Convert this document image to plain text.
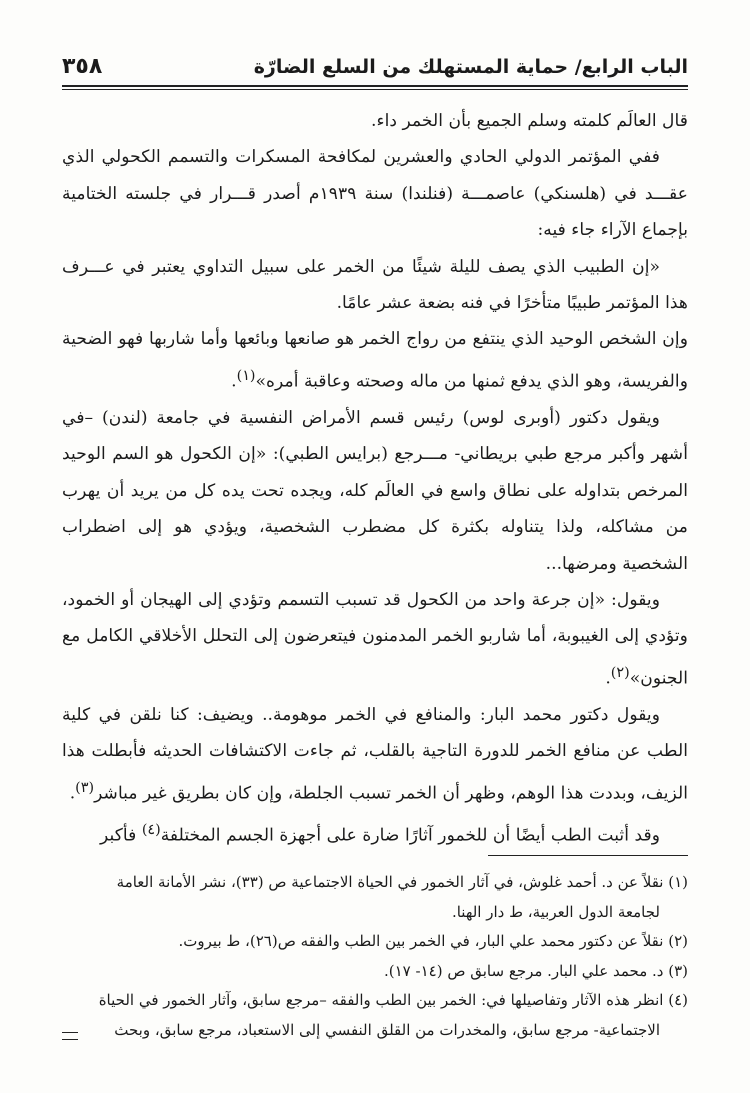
الباب الرابع/ حماية المستهلك من السلع الضارّة
٣٥٨

قال العالَم كلمته وسلم الجميع بأن الخمر داء.

ففي المؤتمر الدولي الحادي والعشرين لمكافحة المسكرات والتسمم الكحولي الذي عقـــد في (هلسنكي) عاصمـــة (فنلندا) سنة ١٩٣٩م أصدر قـــرار في جلسته الختامية بإجماع الآراء جاء فيه:

«إن الطبيب الذي يصف لليلة شيئًا من الخمر على سبيل التداوي يعتبر في عـــرف هذا المؤتمر طبيبًا متأخرًا في فنه بضعة عشر عامًا.

وإن الشخص الوحيد الذي ينتفع من رواج الخمر هو صانعها وبائعها وأما شاربها فهو الضحية والفريسة، وهو الذي يدفع ثمنها من ماله وصحته وعاقبة أمره»$^{(١)}$.

ويقول دكتور (أوبرى لوس) رئيس قسم الأمراض النفسية في جامعة (لندن) –في أشهر وأكبر مرجع طبي بريطاني- مـــرجع (برايس الطبي): «إن الكحول هو السم الوحيد المرخص بتداوله على نطاق واسع في العالَم كله، ويجده تحت يده كل من يريد أن يهرب من مشاكله، ولذا يتناوله بكثرة كل مضطرب الشخصية، ويؤدي هو إلى اضطراب الشخصية ومرضها...

ويقول: «إن جرعة واحد من الكحول قد تسبب التسمم وتؤدي إلى الهيجان أو الخمود، وتؤدي إلى الغيبوبة، أما شاربو الخمر المدمنون فيتعرضون إلى التحلل الأخلاقي الكامل مع الجنون»$^{(٢)}$.

ويقول دكتور محمد البار: والمنافع في الخمر موهومة.. ويضيف: كنا نلقن في كلية الطب عن منافع الخمر للدورة التاجية بالقلب، ثم جاءت الاكتشافات الحديثه فأبطلت هذا الزيف، وبددت هذا الوهم، وظهر أن الخمر تسبب الجلطة، وإن كان بطريق غير مباشر$^{(٣)}$.

وقد أثبت الطب أيضًا أن للخمور آثارًا ضارة على أجهزة الجسم المختلفة$^{(٤)}$ فأكبر

(١) نقلاً عن د. أحمد غلوش، في آثار الخمور في الحياة الاجتماعية ص (٣٣)، نشر الأمانة العامة

لجامعة الدول العربية، ط دار الهنا.

(٢) نقلاً عن دكتور محمد علي البار، في الخمر بين الطب والفقه ص(٢٦)، ط بيروت.

(٣) د. محمد علي البار. مرجع سابق ص (١٤- ١٧).

(٤) انظر هذه الآثار وتفاصيلها في: الخمر بين الطب والفقه –مرجع سابق، وآثار الخمور في الحياة

الاجتماعية- مرجع سابق، والمخدرات من القلق النفسي إلى الاستعباد، مرجع سابق، وبحث
